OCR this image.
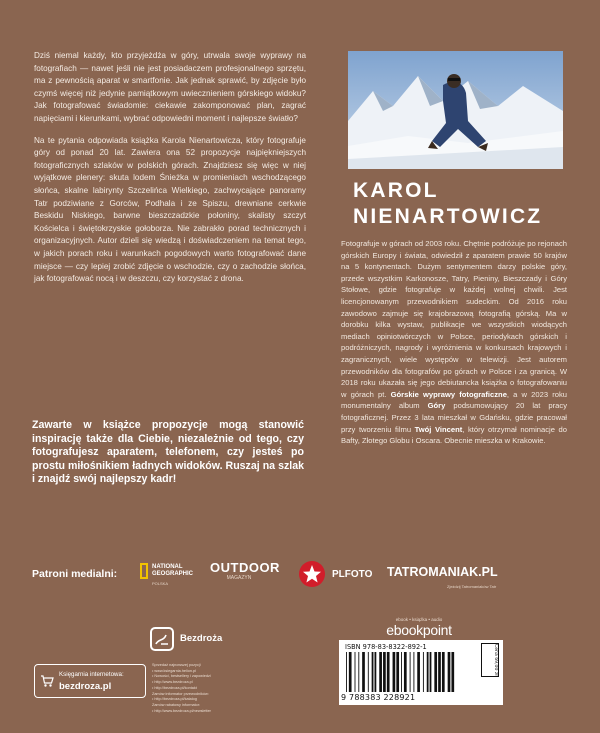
Dziś niemal każdy, kto przyjeżdża w góry, utrwala swoje wyprawy na fotografiach — nawet jeśli nie jest posiadaczem profesjonalnego sprzętu, ma z pewnością aparat w smartfonie. Jak jednak sprawić, by zdjęcie było czymś więcej niż jedynie pamiątkowym uwiecznieniem górskiego widoku? Jak fotografować świadomie: ciekawie zakomponować plan, zagrać napięciami i kierunkami, wybrać odpowiedni moment i najlepsze światło?

Na te pytania odpowiada książka Karola Nienartowicza, który fotografuje góry od ponad 20 lat. Zawiera ona 52 propozycje najpiękniejszych fotograficznych szlaków w polskich górach. Znajdziesz się więc w niej wyjątkowe plenery: skuta lodem Śnieżka w promieniach wschodzącego słońca, skalne labirynty Szczelińca Wielkiego, zachwycające panoramy Tatr podziwiane z Gorców, Podhala i ze Spiszu, drewniane cerkwie Beskidu Niskiego, barwne bieszczadzkie połoniny, skalisty szczyt Kościelca i świętokrzyskie gołoborza. Nie zabrakło porad technicznych i organizacyjnych. Autor dzieli się wiedzą i doświadczeniem na temat tego, w jakich porach roku i warunkach pogodowych warto fotografować dane miejsce — czy lepiej zrobić zdjęcie o wschodzie, czy o zachodzie słońca, jak fotografować nocą i w deszczu, czy korzystać z drona.

Zawarte w książce propozycje mogą stanowić inspirację także dla Ciebie, niezależnie od tego, czy fotografujesz aparatem, telefonem, czy jesteś po prostu miłośnikiem ładnych widoków. Ruszaj na szlak i znajdź swój najlepszy kadr!
KAROL
NIENARTOWICZ
Fotografuje w górach od 2003 roku. Chętnie podróżuje po rejonach górskich Europy i świata, odwiedził z aparatem prawie 50 krajów na 5 kontynentach. Dużym sentymentem darzy polskie góry, przede wszystkim Karkonosze, Tatry, Pieniny, Bieszczady i Góry Stołowe, gdzie fotografuje w każdej wolnej chwili. Jest licencjonowanym przewodnikiem sudeckim. Od 2016 roku zawodowo zajmuje się krajobrazową fotografią górską. Ma w dorobku kilka wystaw, publikacje we wszystkich wiodących mediach opiniotwórczych w Polsce, periodykach górskich i podróżniczych, nagrody i wyróżnienia w konkursach krajowych i zagranicznych, wiele występów w telewizji. Jest autorem przewodników dla fotografów po górach w Polsce i za granicą. W 2018 roku ukazała się jego debiutancka książka o fotografowaniu w górach pt. Górskie wyprawy fotograficzne, a w 2023 roku monumentalny album Góry podsumowujący 20 lat pracy fotograficznej. Przez 3 lata mieszkał w Gdańsku, gdzie pracował przy tworzeniu filmu Twój Vincent, który otrzymał nominacje do Bafty, Złotego Globu i Oscara. Obecnie mieszka w Krakowie.
Patroni medialni:
NATIONAL
GEOGRAPHIC
POLSKA
OUTDOOR
MAGAZYN	PLFOTO TATROMANIAK.PL
Zjeździj Tatromaniaków Tatr
Bezdroża
Księgarnia internetowa:
bezdroza.pl
Sprzedaż najnowszej pozycji
• www.ksiegarnia.helion.pl
• Nowości, bestsellery i zapowiedzi
• http://www.bezdroza.pl
• http://bezdroza.pl/kontakt
Zamów informator przewodników:
• http://bezdroza.pl/katalog
Zamów rabatowy informator:
• http://www.bezdroza.pl/newsletter
ebook • książka • audio
ebookpoint
ISBN 978-83-8322-892-1	Cena 69,00 zł
9 788383 228921
